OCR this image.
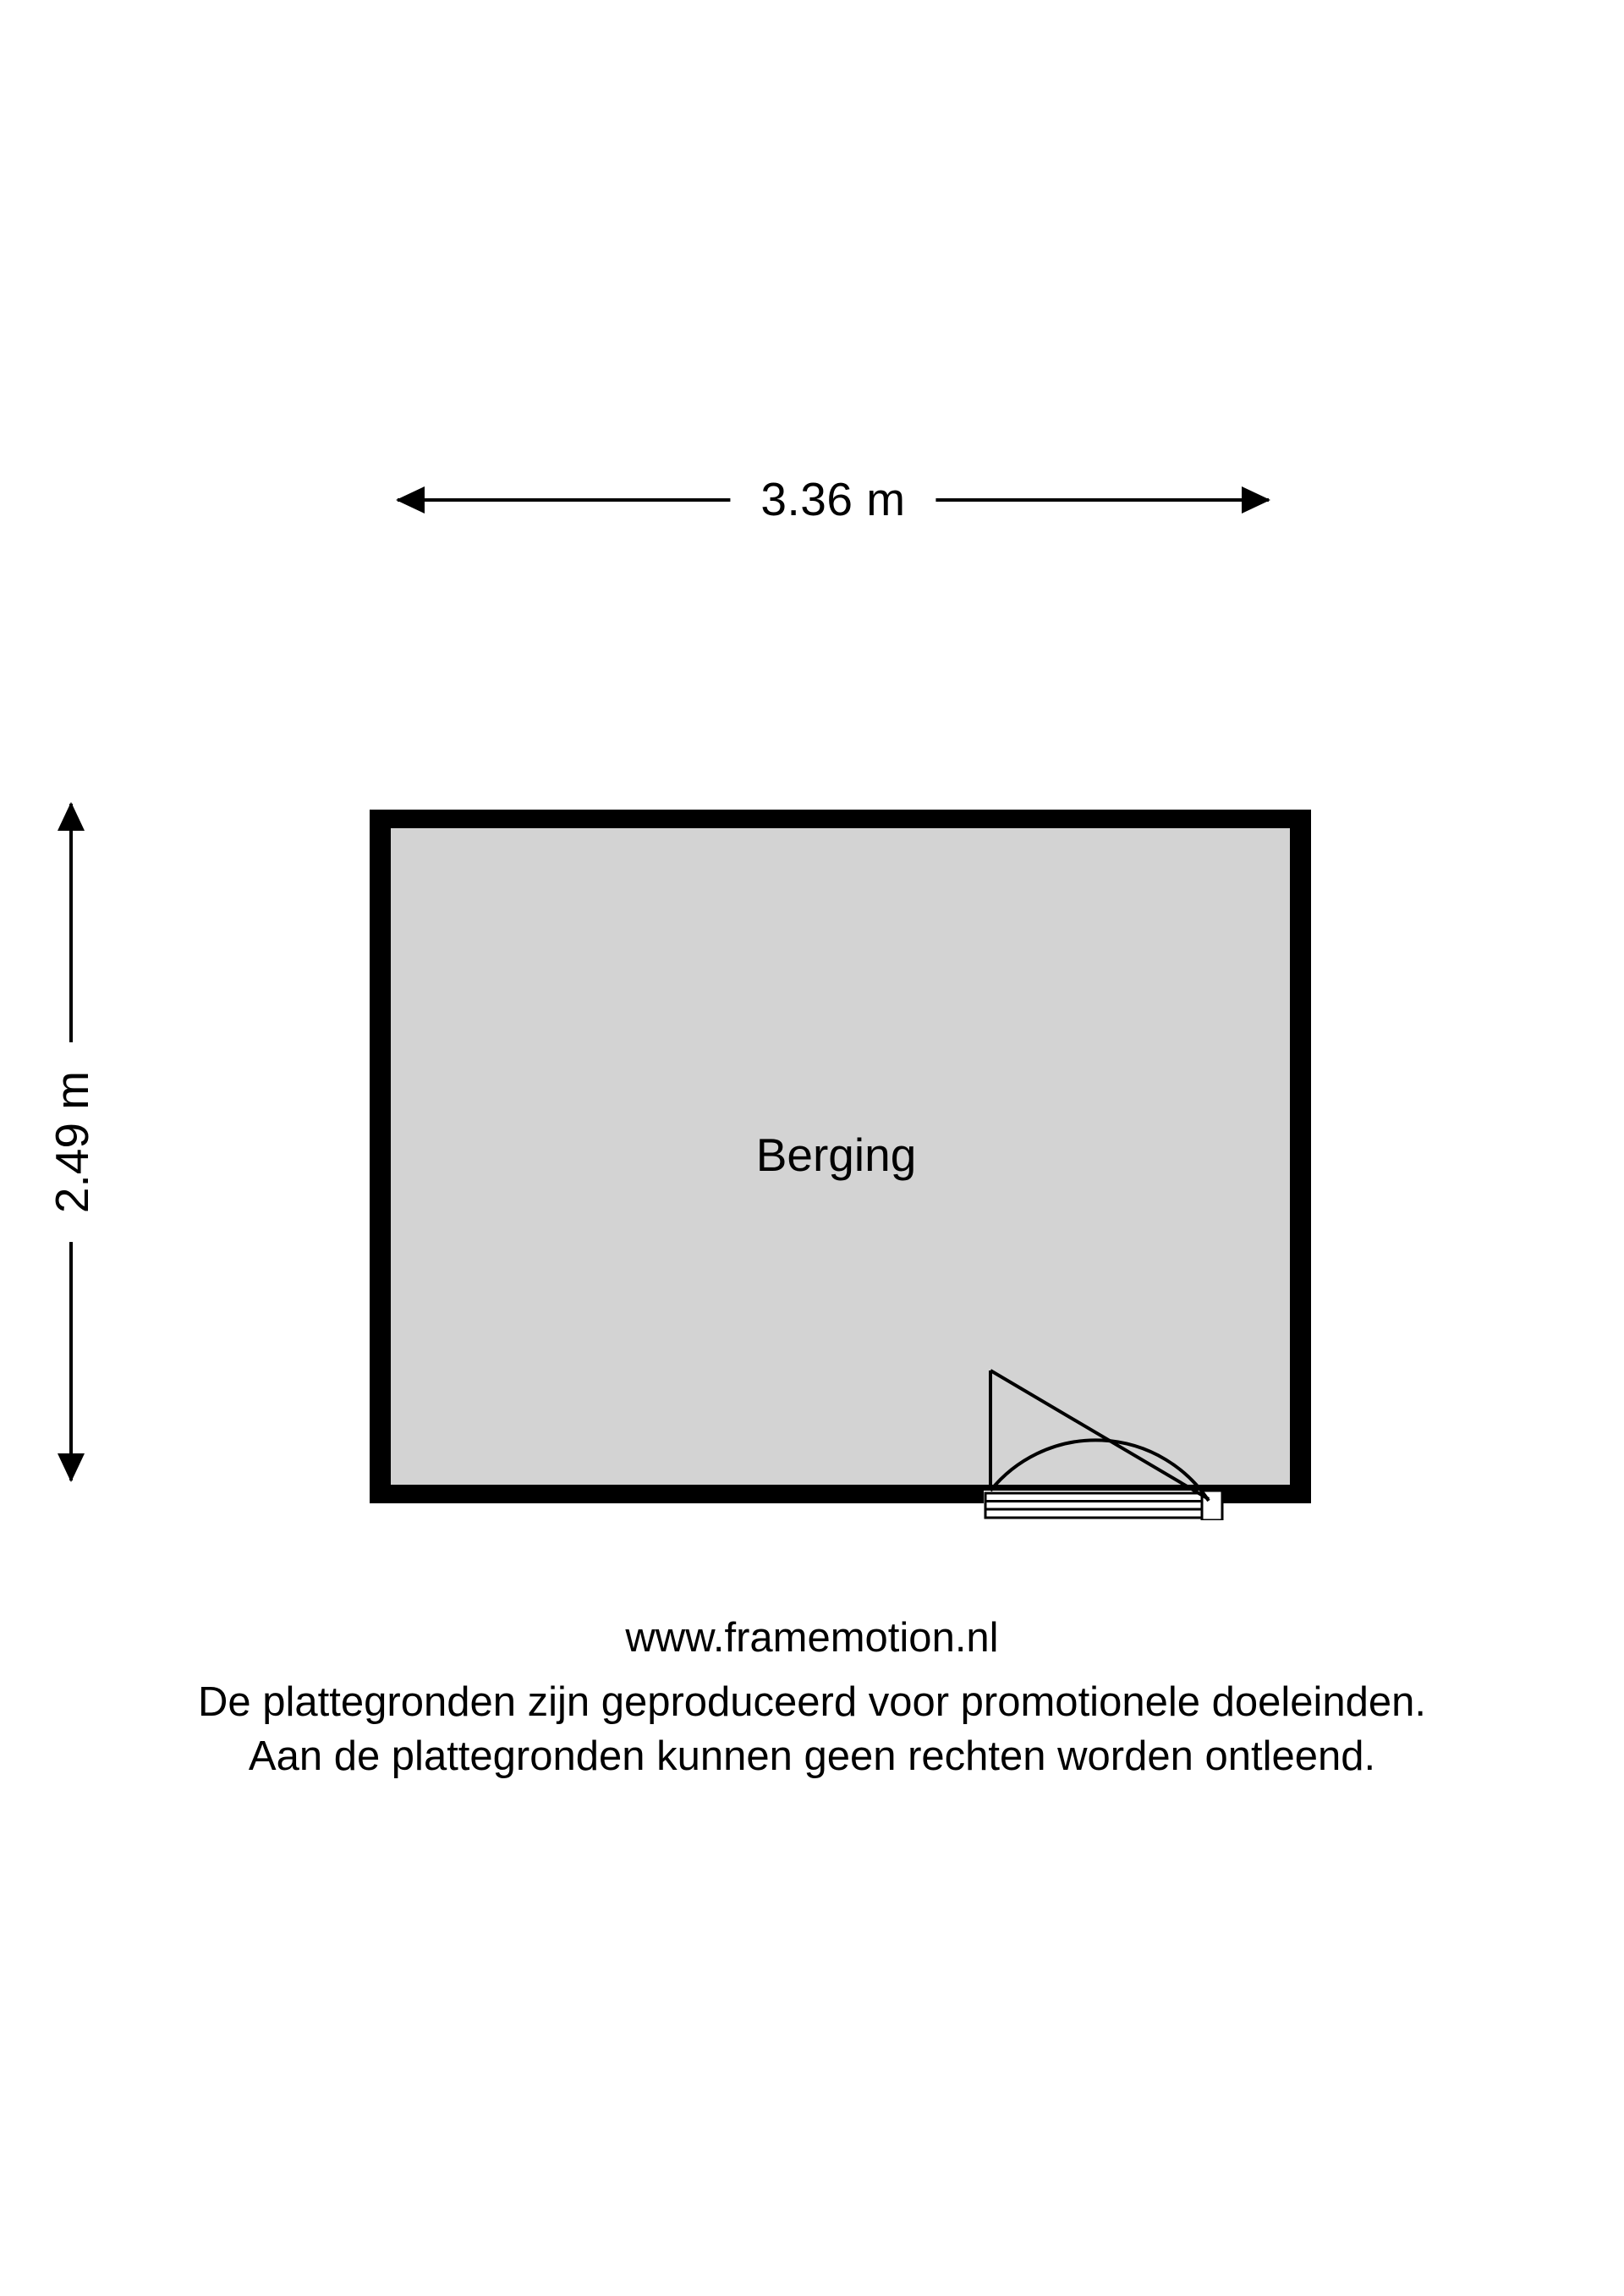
3.36 m
2.49 m	Berging
www.framemotion.nl
De plattegronden zijn geproduceerd voor promotionele doeleinden.
Aan de plattegronden kunnen geen rechten worden ontleend.
